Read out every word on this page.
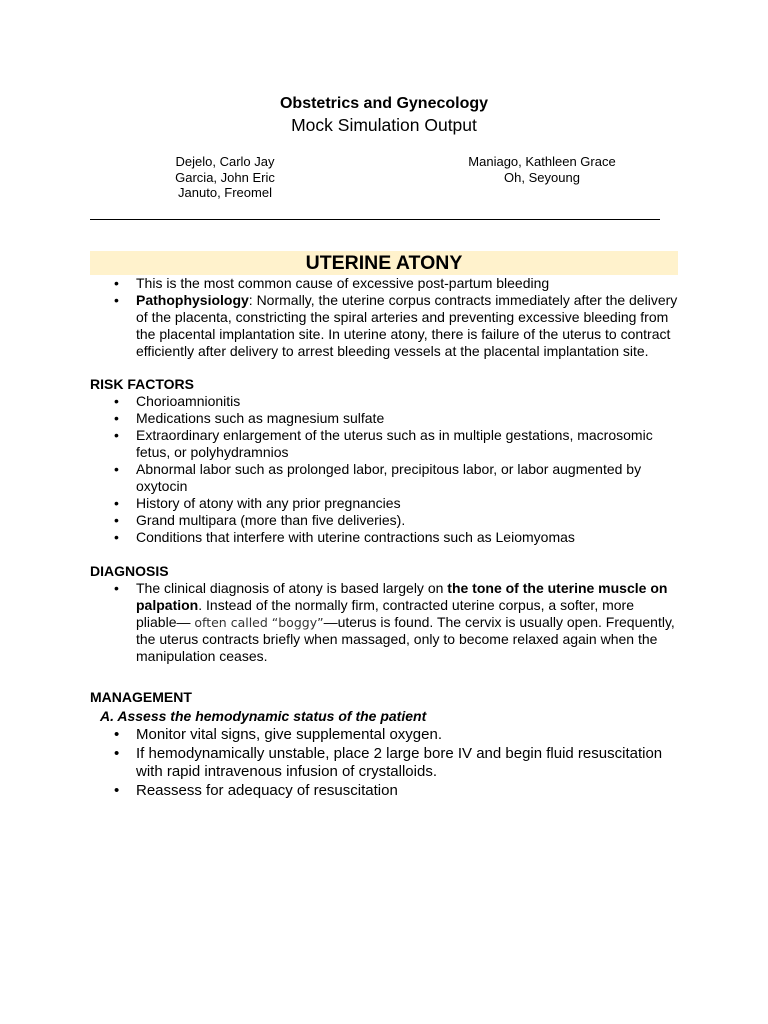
Obstetrics and Gynecology
Mock Simulation Output
Dejelo, Carlo Jay
Garcia, John Eric
Januto, Freomel
Maniago, Kathleen Grace
Oh, Seyoung
UTERINE ATONY
• This is the most common cause of excessive post-partum bleeding
• Pathophysiology: Normally, the uterine corpus contracts immediately after the delivery of the placenta, constricting the spiral arteries and preventing excessive bleeding from the placental implantation site. In uterine atony, there is failure of the uterus to contract efficiently after delivery to arrest bleeding vessels at the placental implantation site.
RISK FACTORS
• Chorioamnionitis
• Medications such as magnesium sulfate
• Extraordinary enlargement of the uterus such as in multiple gestations, macrosomic fetus, or polyhydramnios
• Abnormal labor such as prolonged labor, precipitous labor, or labor augmented by oxytocin
• History of atony with any prior pregnancies
• Grand multipara (more than five deliveries).
• Conditions that interfere with uterine contractions such as Leiomyomas
DIAGNOSIS
• The clinical diagnosis of atony is based largely on the tone of the uterine muscle on palpation. Instead of the normally firm, contracted uterine corpus, a softer, more pliable— often called “boggy”—uterus is found. The cervix is usually open. Frequently, the uterus contracts briefly when massaged, only to become relaxed again when the manipulation ceases.
MANAGEMENT
A. Assess the hemodynamic status of the patient
• Monitor vital signs, give supplemental oxygen.
• If hemodynamically unstable, place 2 large bore IV and begin fluid resuscitation with rapid intravenous infusion of crystalloids.
• Reassess for adequacy of resuscitation
